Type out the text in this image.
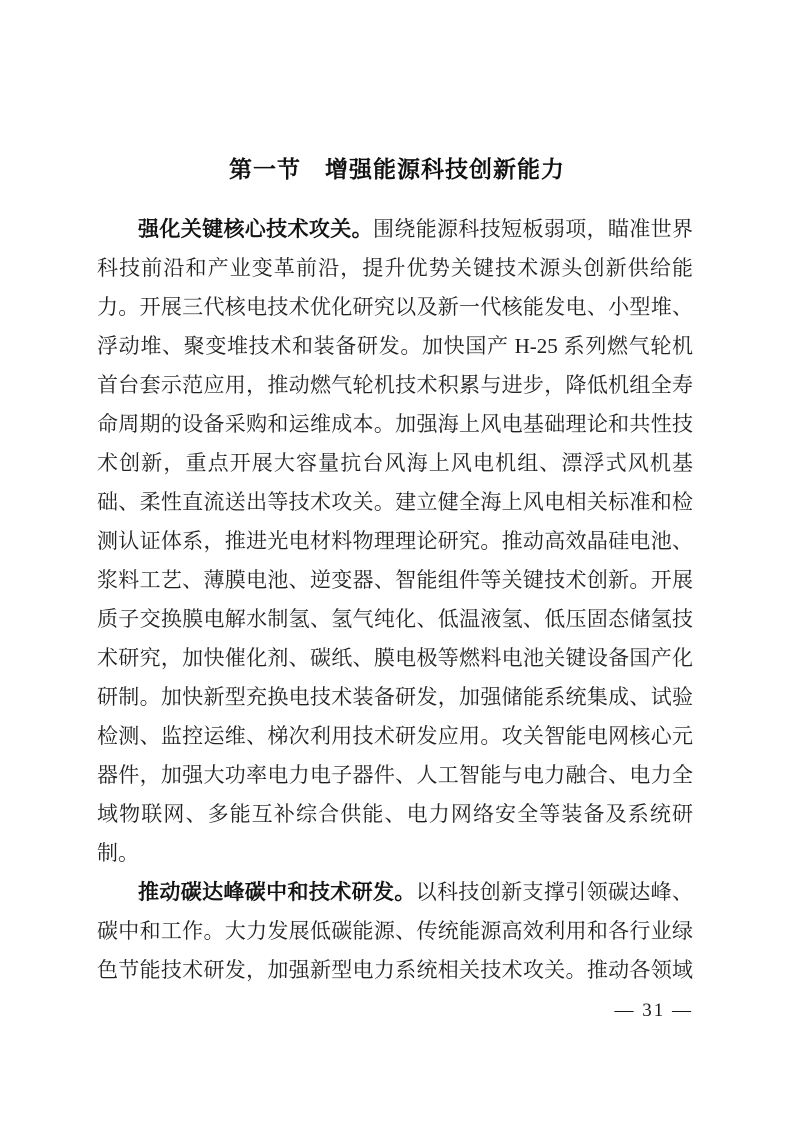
第一节　增强能源科技创新能力
强化关键核心技术攻关。围绕能源科技短板弱项，瞄准世界
科技前沿和产业变革前沿，提升优势关键技术源头创新供给能
力。开展三代核电技术优化研究以及新一代核能发电、小型堆、
浮动堆、聚变堆技术和装备研发。加快国产 H-25 系列燃气轮机
首台套示范应用，推动燃气轮机技术积累与进步，降低机组全寿
命周期的设备采购和运维成本。加强海上风电基础理论和共性技
术创新，重点开展大容量抗台风海上风电机组、漂浮式风机基
础、柔性直流送出等技术攻关。建立健全海上风电相关标准和检
测认证体系，推进光电材料物理理论研究。推动高效晶硅电池、
浆料工艺、薄膜电池、逆变器、智能组件等关键技术创新。开展
质子交换膜电解水制氢、氢气纯化、低温液氢、低压固态储氢技
术研究，加快催化剂、碳纸、膜电极等燃料电池关键设备国产化
研制。加快新型充换电技术装备研发，加强储能系统集成、试验
检测、监控运维、梯次利用技术研发应用。攻关智能电网核心元
器件，加强大功率电力电子器件、人工智能与电力融合、电力全
域物联网、多能互补综合供能、电力网络安全等装备及系统研
制。
推动碳达峰碳中和技术研发。以科技创新支撑引领碳达峰、
碳中和工作。大力发展低碳能源、传统能源高效利用和各行业绿
色节能技术研发，加强新型电力系统相关技术攻关。推动各领域
— 31 —
